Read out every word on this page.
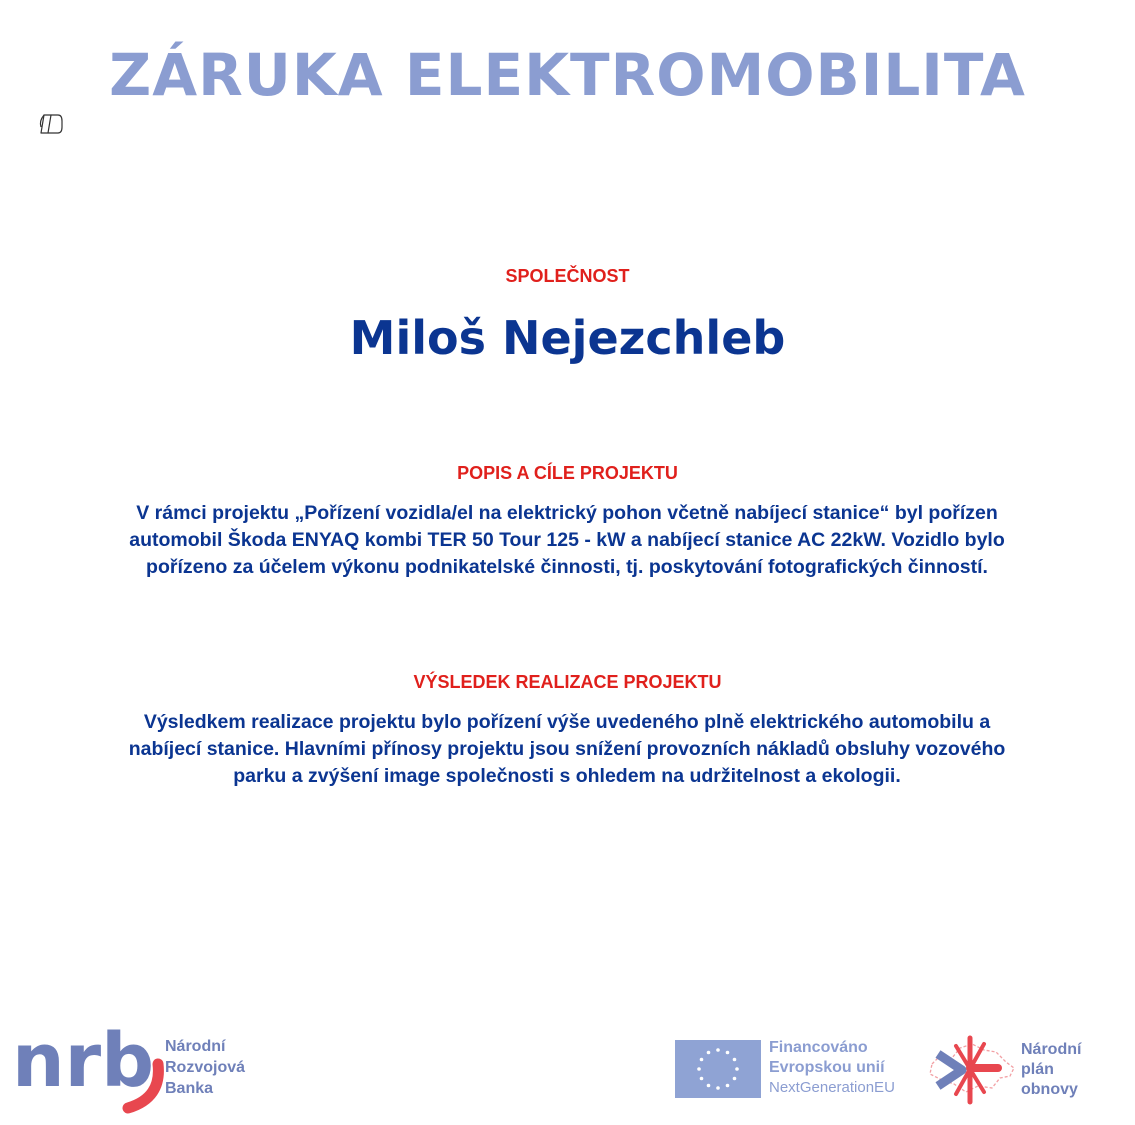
ZÁRUKA ELEKTROMOBILITA
SPOLEČNOST
Miloš Nejezchleb
POPIS A CÍLE PROJEKTU
V rámci projektu „Pořízení vozidla/el na elektrický pohon včetně nabíjecí stanice“ byl pořízen
automobil Škoda ENYAQ kombi TER 50 Tour 125 - kW a nabíjecí stanice AC 22kW. Vozidlo bylo
pořízeno za účelem výkonu podnikatelské činnosti, tj. poskytování fotografických činností.
VÝSLEDEK REALIZACE PROJEKTU
Výsledkem realizace projektu bylo pořízení výše uvedeného plně elektrického automobilu a
nabíjecí stanice. Hlavními přínosy projektu jsou snížení provozních nákladů obsluhy vozového
parku a zvýšení image společnosti s ohledem na udržitelnost a ekologii.
nrb Národní
Rozvojová
Banka
Financováno
Evropskou unií
NextGenerationEU
Národní
plán
obnovy
